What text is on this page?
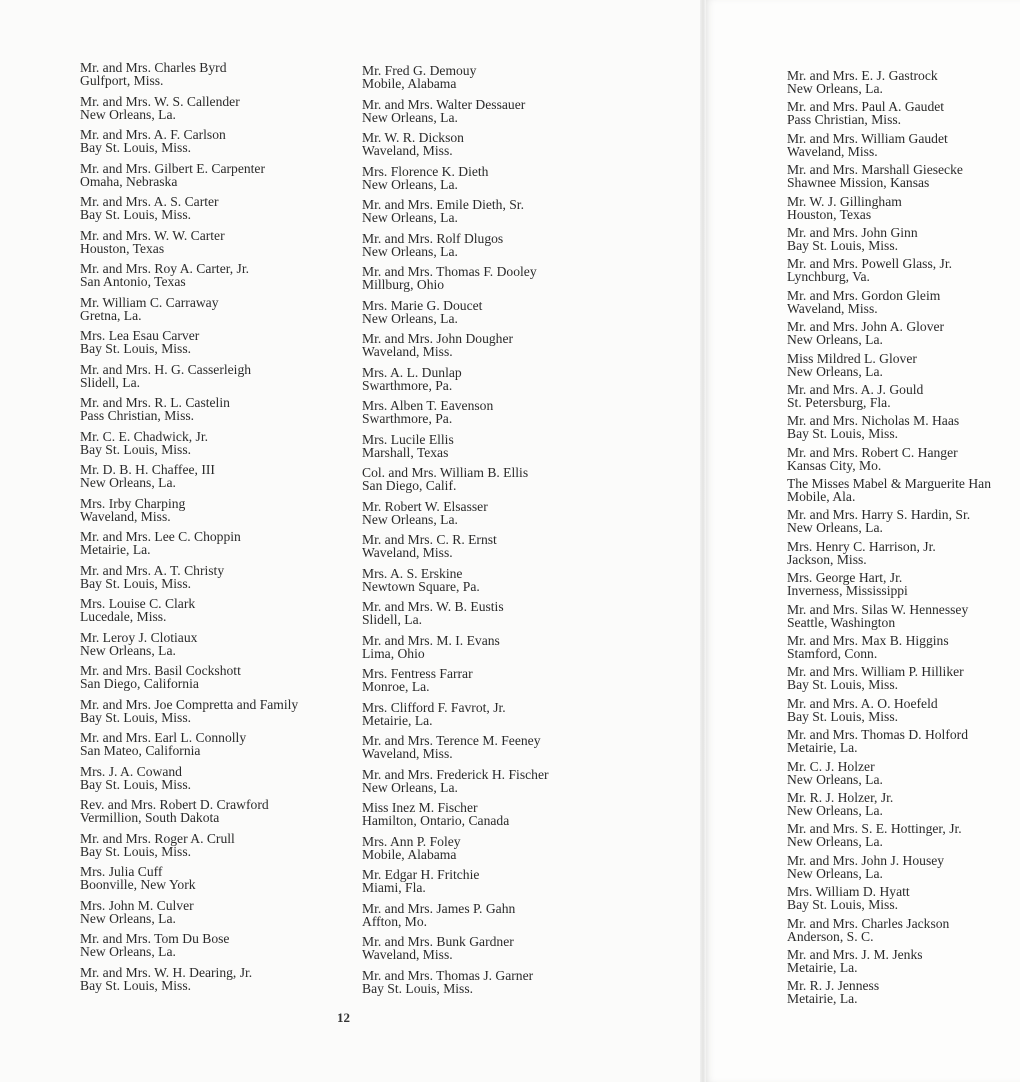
Mr. and Mrs. Charles Byrd
Gulfport, Miss.
Mr. and Mrs. W. S. Callender
New Orleans, La.
Mr. and Mrs. A. F. Carlson
Bay St. Louis, Miss.
Mr. and Mrs. Gilbert E. Carpenter
Omaha, Nebraska
Mr. and Mrs. A. S. Carter
Bay St. Louis, Miss.
Mr. and Mrs. W. W. Carter
Houston, Texas
Mr. and Mrs. Roy A. Carter, Jr.
San Antonio, Texas
Mr. William C. Carraway
Gretna, La.
Mrs. Lea Esau Carver
Bay St. Louis, Miss.
Mr. and Mrs. H. G. Casserleigh
Slidell, La.
Mr. and Mrs. R. L. Castelin
Pass Christian, Miss.
Mr. C. E. Chadwick, Jr.
Bay St. Louis, Miss.
Mr. D. B. H. Chaffee, III
New Orleans, La.
Mrs. Irby Charping
Waveland, Miss.
Mr. and Mrs. Lee C. Choppin
Metairie, La.
Mr. and Mrs. A. T. Christy
Bay St. Louis, Miss.
Mrs. Louise C. Clark
Lucedale, Miss.
Mr. Leroy J. Clotiaux
New Orleans, La.
Mr. and Mrs. Basil Cockshott
San Diego, California
Mr. and Mrs. Joe Compretta and Family
Bay St. Louis, Miss.
Mr. and Mrs. Earl L. Connolly
San Mateo, California
Mrs. J. A. Cowand
Bay St. Louis, Miss.
Rev. and Mrs. Robert D. Crawford
Vermillion, South Dakota
Mr. and Mrs. Roger A. Crull
Bay St. Louis, Miss.
Mrs. Julia Cuff
Boonville, New York
Mrs. John M. Culver
New Orleans, La.
Mr. and Mrs. Tom Du Bose
New Orleans, La.
Mr. and Mrs. W. H. Dearing, Jr.
Bay St. Louis, Miss.
Mr. Fred G. Demouy
Mobile, Alabama
Mr. and Mrs. Walter Dessauer
New Orleans, La.
Mr. W. R. Dickson
Waveland, Miss.
Mrs. Florence K. Dieth
New Orleans, La.
Mr. and Mrs. Emile Dieth, Sr.
New Orleans, La.
Mr. and Mrs. Rolf Dlugos
New Orleans, La.
Mr. and Mrs. Thomas F. Dooley
Millburg, Ohio
Mrs. Marie G. Doucet
New Orleans, La.
Mr. and Mrs. John Dougher
Waveland, Miss.
Mrs. A. L. Dunlap
Swarthmore, Pa.
Mrs. Alben T. Eavenson
Swarthmore, Pa.
Mrs. Lucile Ellis
Marshall, Texas
Col. and Mrs. William B. Ellis
San Diego, Calif.
Mr. Robert W. Elsasser
New Orleans, La.
Mr. and Mrs. C. R. Ernst
Waveland, Miss.
Mrs. A. S. Erskine
Newtown Square, Pa.
Mr. and Mrs. W. B. Eustis
Slidell, La.
Mr. and Mrs. M. I. Evans
Lima, Ohio
Mrs. Fentress Farrar
Monroe, La.
Mrs. Clifford F. Favrot, Jr.
Metairie, La.
Mr. and Mrs. Terence M. Feeney
Waveland, Miss.
Mr. and Mrs. Frederick H. Fischer
New Orleans, La.
Miss Inez M. Fischer
Hamilton, Ontario, Canada
Mrs. Ann P. Foley
Mobile, Alabama
Mr. Edgar H. Fritchie
Miami, Fla.
Mr. and Mrs. James P. Gahn
Affton, Mo.
Mr. and Mrs. Bunk Gardner
Waveland, Miss.
Mr. and Mrs. Thomas J. Garner
Bay St. Louis, Miss.
Mr. and Mrs. E. J. Gastrock
New Orleans, La.
Mr. and Mrs. Paul A. Gaudet
Pass Christian, Miss.
Mr. and Mrs. William Gaudet
Waveland, Miss.
Mr. and Mrs. Marshall Giesecke
Shawnee Mission, Kansas
Mr. W. J. Gillingham
Houston, Texas
Mr. and Mrs. John Ginn
Bay St. Louis, Miss.
Mr. and Mrs. Powell Glass, Jr.
Lynchburg, Va.
Mr. and Mrs. Gordon Gleim
Waveland, Miss.
Mr. and Mrs. John A. Glover
New Orleans, La.
Miss Mildred L. Glover
New Orleans, La.
Mr. and Mrs. A. J. Gould
St. Petersburg, Fla.
Mr. and Mrs. Nicholas M. Haas
Bay St. Louis, Miss.
Mr. and Mrs. Robert C. Hanger
Kansas City, Mo.
The Misses Mabel & Marguerite Han
Mobile, Ala.
Mr. and Mrs. Harry S. Hardin, Sr.
New Orleans, La.
Mrs. Henry C. Harrison, Jr.
Jackson, Miss.
Mrs. George Hart, Jr.
Inverness, Mississippi
Mr. and Mrs. Silas W. Hennessey
Seattle, Washington
Mr. and Mrs. Max B. Higgins
Stamford, Conn.
Mr. and Mrs. William P. Hilliker
Bay St. Louis, Miss.
Mr. and Mrs. A. O. Hoefeld
Bay St. Louis, Miss.
Mr. and Mrs. Thomas D. Holford
Metairie, La.
Mr. C. J. Holzer
New Orleans, La.
Mr. R. J. Holzer, Jr.
New Orleans, La.
Mr. and Mrs. S. E. Hottinger, Jr.
New Orleans, La.
Mr. and Mrs. John J. Housey
New Orleans, La.
Mrs. William D. Hyatt
Bay St. Louis, Miss.
Mr. and Mrs. Charles Jackson
Anderson, S. C.
Mr. and Mrs. J. M. Jenks
Metairie, La.
Mr. R. J. Jenness
Metairie, La.
12
